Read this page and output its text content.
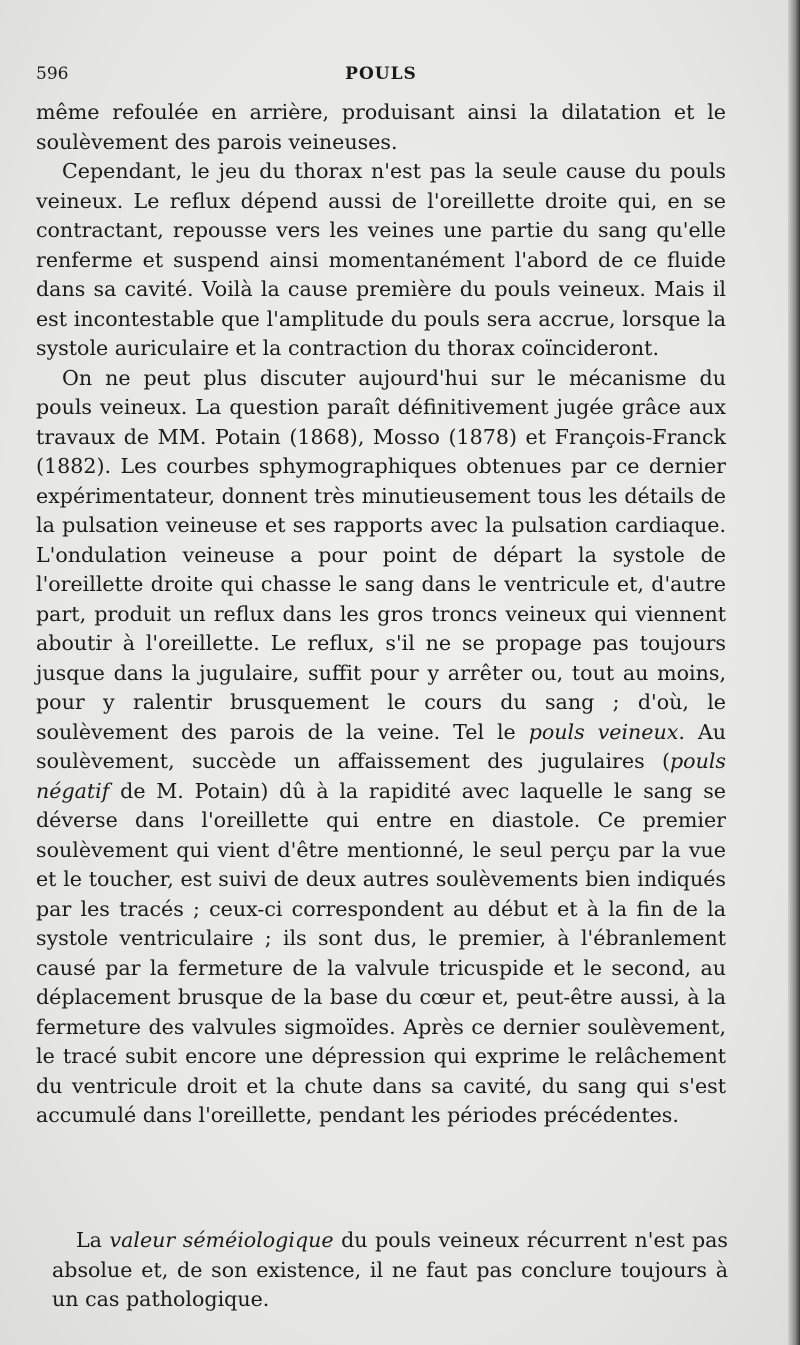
596	POULS

même refoulée en arrière, produisant ainsi la dilatation et le soulèvement des parois veineuses.

Cependant, le jeu du thorax n'est pas la seule cause du pouls veineux. Le reflux dépend aussi de l'oreillette droite qui, en se contractant, repousse vers les veines une partie du sang qu'elle renferme et suspend ainsi momentanément l'abord de ce fluide dans sa cavité. Voilà la cause première du pouls veineux. Mais il est incontestable que l'amplitude du pouls sera accrue, lorsque la systole auriculaire et la contraction du thorax coïncideront.

On ne peut plus discuter aujourd'hui sur le mécanisme du pouls veineux. La question paraît définitivement jugée grâce aux travaux de MM. Potain (1868), Mosso (1878) et François-Franck (1882). Les courbes sphymographiques obtenues par ce dernier expérimentateur, donnent très minutieusement tous les détails de la pulsation veineuse et ses rapports avec la pulsation cardiaque. L'ondulation veineuse a pour point de départ la systole de l'oreillette droite qui chasse le sang dans le ventricule et, d'autre part, produit un reflux dans les gros troncs veineux qui viennent aboutir à l'oreillette. Le reflux, s'il ne se propage pas toujours jusque dans la jugulaire, suffit pour y arrêter ou, tout au moins, pour y ralentir brusquement le cours du sang ; d'où, le soulèvement des parois de la veine. Tel le pouls veineux. Au soulèvement, succède un affaissement des jugulaires (pouls négatif de M. Potain) dû à la rapidité avec laquelle le sang se déverse dans l'oreillette qui entre en diastole. Ce premier soulèvement qui vient d'être mentionné, le seul perçu par la vue et le toucher, est suivi de deux autres soulèvements bien indiqués par les tracés ; ceux-ci correspondent au début et à la fin de la systole ventriculaire ; ils sont dus, le premier, à l'ébranlement causé par la fermeture de la valvule tricuspide et le second, au déplacement brusque de la base du cœur et, peut-être aussi, à la fermeture des valvules sigmoïdes. Après ce dernier soulèvement, le tracé subit encore une dépression qui exprime le relâchement du ventricule droit et la chute dans sa cavité, du sang qui s'est accumulé dans l'oreillette, pendant les périodes précédentes.

La valeur séméiologique du pouls veineux récurrent n'est pas absolue et, de son existence, il ne faut pas conclure toujours à un cas pathologique.
